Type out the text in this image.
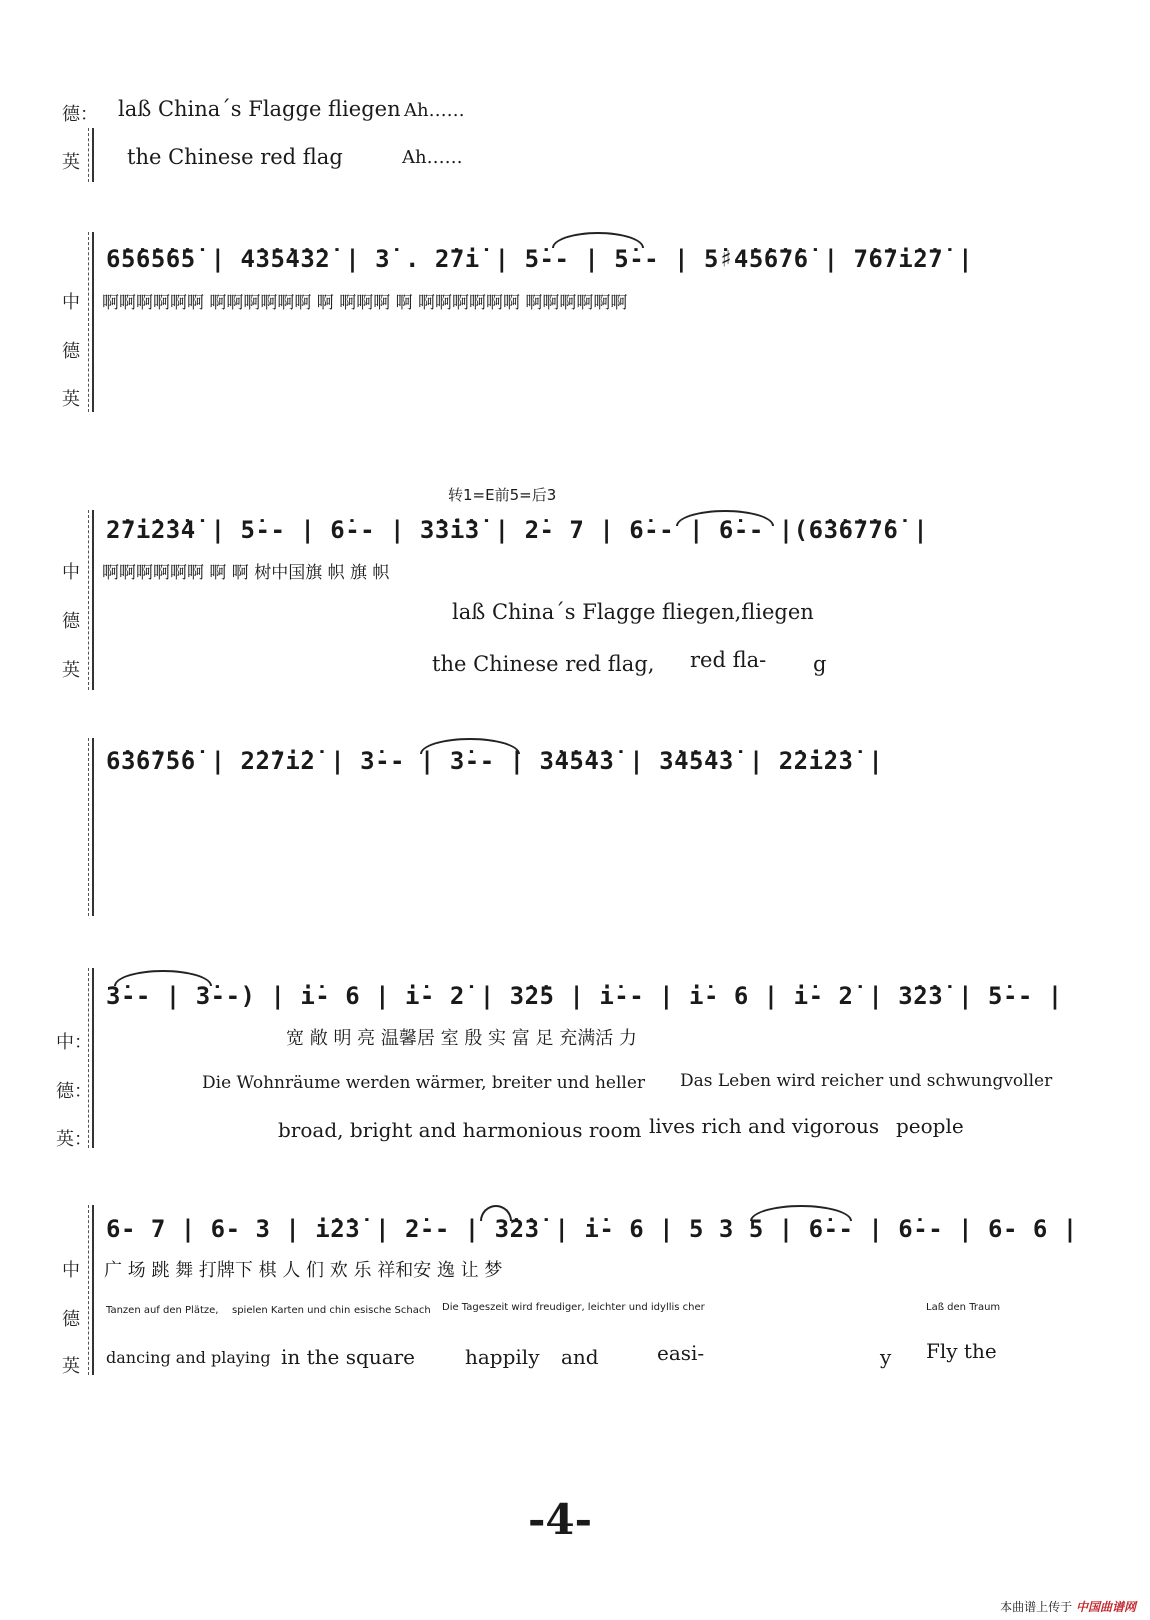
德： laß China´s Flagge fliegen Ah……
英 the Chinese red flag	Ah……
6̇5̇6̇5̇6̇5̇ | 4̇3̇5̇4̇3̇2̇ | 3̇ . 2̇7i̇ | 5̇-- | 5̇-- | 5̇♯4̇5̇6̇7̇6̇ | 7̇6̇7i̇2̇7̇ |
中 啊啊啊啊啊啊 啊啊啊啊啊啊 啊 啊啊啊 啊 啊啊啊啊啊啊 啊啊啊啊啊啊
德
英
转1=E前5=后3
2̇7i̇2̇3̇4̇ | 5̇-- | 6̇-- | 3̇3̇i̇3̇ | 2̇- 7 | 6̇-- | 6̇-- |(6̇3̇6̇7̇7̇6̇ |
中 啊啊啊啊啊啊 啊 啊 树中国旗 帜 旗 帜
德	laß China´s Flagge fliegen,fliegen
英	the Chinese red flag, red fla- g
6̇3̇6̇7̇5̇6̇ | 2̇2̇7i̇2̇ | 3̇-- | 3̇-- | 3̇4̇5̇4̇3̇ | 3̇4̇5̇4̇3̇ | 2̇2̇i̇2̇3̇ |
3̇-- | 3̇--) | i̇- 6 | i̇- 2̇ | 3̇2̇5 | i̇-- | i̇- 6 | i̇- 2̇ | 3̇2̇3̇ | 5̇-- |
中：	宽 敞 明 亮 温馨居 室 殷 实 富 足 充满活 力
德：	Die Wohnräume werden wärmer, breiter und heller Das Leben wird reicher und schwungvoller
英：	broad, bright and harmonious room lives rich and vigorous people
6- 7 | 6- 3 | i̇2̇3̇ | 2̇-- | 3̇2̇3̇ | i̇- 6 | 5 3 5 | 6̇-- | 6̇-- | 6- 6 |
中 广 场 跳 舞 打牌下 棋 人 们 欢 乐 祥和安 逸 让 梦
德	Tanzen auf den Plätze, spielen Karten und chin esische Schach Die Tageszeit wird freudiger, leichter und idyllis cher	Laß den Traum
英 dancing and playing in the square happily and	easi-	y Fly the
-4-
本曲谱上传于 中国曲谱网
